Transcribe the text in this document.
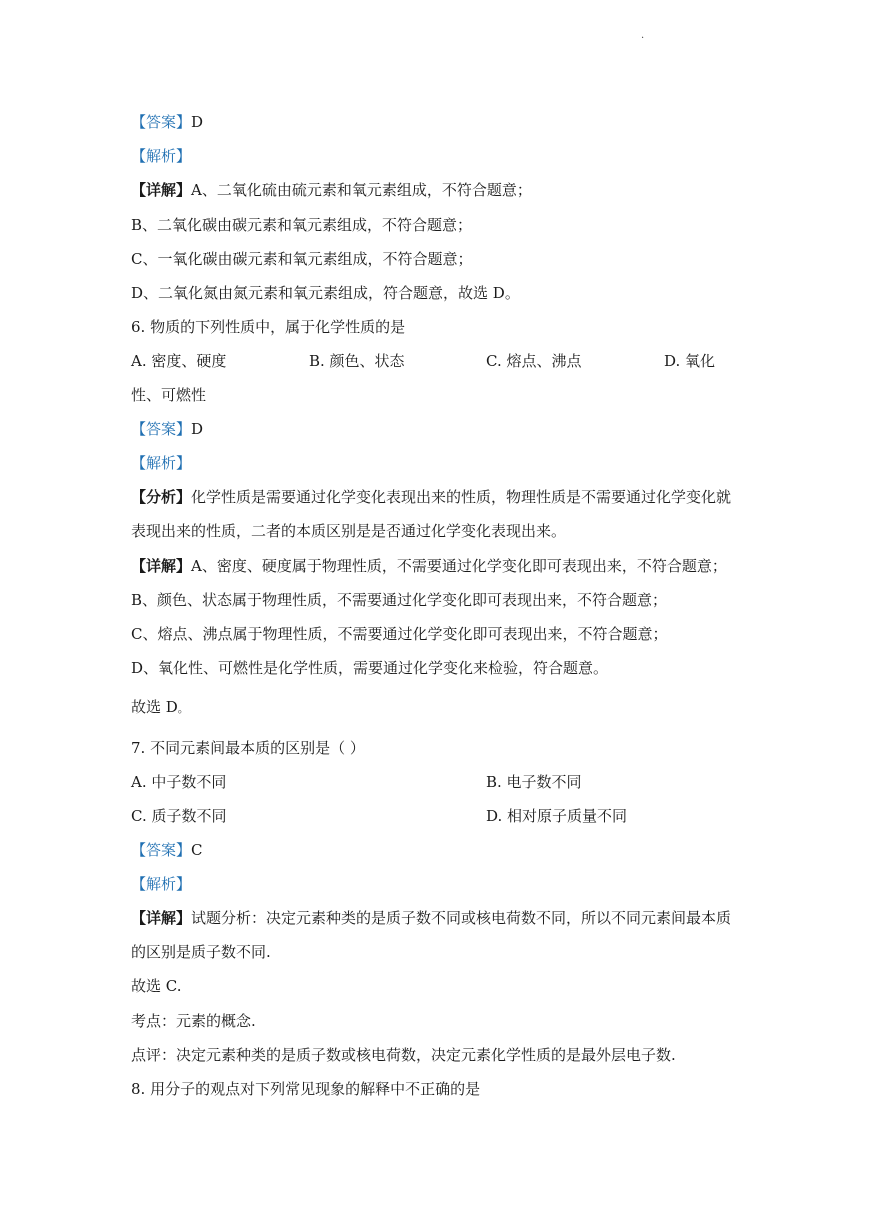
.
【答案】D
【解析】
【详解】A、二氧化硫由硫元素和氧元素组成，不符合题意；
B、二氧化碳由碳元素和氧元素组成，不符合题意；
C、一氧化碳由碳元素和氧元素组成，不符合题意；
D、二氧化氮由氮元素和氧元素组成，符合题意，故选 D。
6. 物质的下列性质中，属于化学性质的是
A. 密度、硬度	B. 颜色、状态	C. 熔点、沸点	D. 氧化
性、可燃性
【答案】D
【解析】
【分析】化学性质是需要通过化学变化表现出来的性质，物理性质是不需要通过化学变化就
表现出来的性质，二者的本质区别是是否通过化学变化表现出来。
【详解】A、密度、硬度属于物理性质，不需要通过化学变化即可表现出来，不符合题意；
B、颜色、状态属于物理性质，不需要通过化学变化即可表现出来，不符合题意；
C、熔点、沸点属于物理性质，不需要通过化学变化即可表现出来，不符合题意；
D、氧化性、可燃性是化学性质，需要通过化学变化来检验，符合题意。
故选 D。
7. 不同元素间最本质的区别是（ ）
A. 中子数不同	B. 电子数不同
C. 质子数不同	D. 相对原子质量不同
【答案】C
【解析】
【详解】试题分析：决定元素种类的是质子数不同或核电荷数不同，所以不同元素间最本质
的区别是质子数不同.
故选 C.
考点：元素的概念.
点评：决定元素种类的是质子数或核电荷数，决定元素化学性质的是最外层电子数.
8. 用分子的观点对下列常见现象的解释中不正确的是
